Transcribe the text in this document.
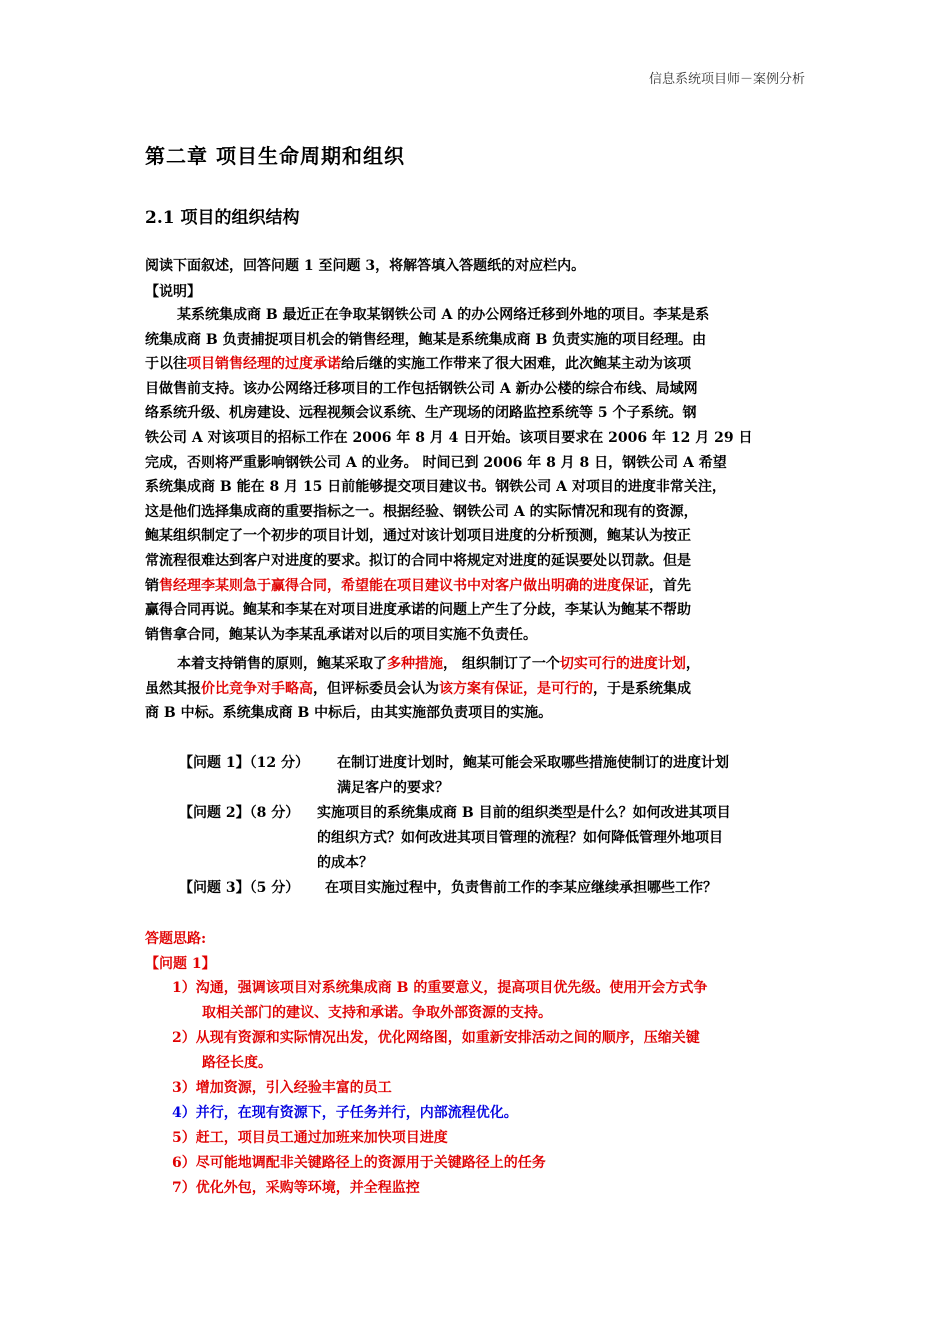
信息系统项目师－案例分析
第二章 项目生命周期和组织
2.1 项目的组织结构
阅读下面叙述，回答问题 1 至问题 3，将解答填入答题纸的对应栏内。
【说明】
某系统集成商 B 最近正在争取某钢铁公司 A 的办公网络迁移到外地的项目。李某是系
统集成商 B 负责捕捉项目机会的销售经理，鲍某是系统集成商 B 负责实施的项目经理。由
于以往项目销售经理的过度承诺给后继的实施工作带来了很大困难，此次鲍某主动为该项
目做售前支持。该办公网络迁移项目的工作包括钢铁公司 A 新办公楼的综合布线、局域网
络系统升级、机房建设、远程视频会议系统、生产现场的闭路监控系统等 5 个子系统。钢
铁公司 A 对该项目的招标工作在 2006 年 8 月 4 日开始。该项目要求在 2006 年 12 月 29 日
完成，否则将严重影响钢铁公司 A 的业务。 时间已到 2006 年 8 月 8 日，钢铁公司 A 希望
系统集成商 B 能在 8 月 15 日前能够提交项目建议书。钢铁公司 A 对项目的进度非常关注，
这是他们选择集成商的重要指标之一。根据经验、钢铁公司 A 的实际情况和现有的资源，
鲍某组织制定了一个初步的项目计划，通过对该计划项目进度的分析预测，鲍某认为按正
常流程很难达到客户对进度的要求。拟订的合同中将规定对进度的延误要处以罚款。但是
销售经理李某则急于赢得合同，希望能在项目建议书中对客户做出明确的进度保证，首先
赢得合同再说。鲍某和李某在对项目进度承诺的问题上产生了分歧，李某认为鲍某不帮助
销售拿合同，鲍某认为李某乱承诺对以后的项目实施不负责任。
本着支持销售的原则，鲍某采取了多种措施， 组织制订了一个切实可行的进度计划，
虽然其报价比竞争对手略高，但评标委员会认为该方案有保证，是可行的，于是系统集成
商 B 中标。系统集成商 B 中标后，由其实施部负责项目的实施。
【问题 1】（12 分） 在制订进度计划时，鲍某可能会采取哪些措施使制订的进度计划
满足客户的要求？
【问题 2】（8 分） 实施项目的系统集成商 B 目前的组织类型是什么？如何改进其项目
的组织方式？如何改进其项目管理的流程？如何降低管理外地项目
的成本？
【问题 3】（5 分） 在项目实施过程中，负责售前工作的李某应继续承担哪些工作？
答题思路:
【问题 1】
1）沟通，强调该项目对系统集成商 B 的重要意义，提高项目优先级。使用开会方式争
取相关部门的建议、支持和承诺。争取外部资源的支持。
2）从现有资源和实际情况出发，优化网络图，如重新安排活动之间的顺序，压缩关键
路径长度。
3）增加资源，引入经验丰富的员工
4）并行，在现有资源下，子任务并行，内部流程优化。
5）赶工，项目员工通过加班来加快项目进度
6）尽可能地调配非关键路径上的资源用于关键路径上的任务
7）优化外包，采购等环境，并全程监控
